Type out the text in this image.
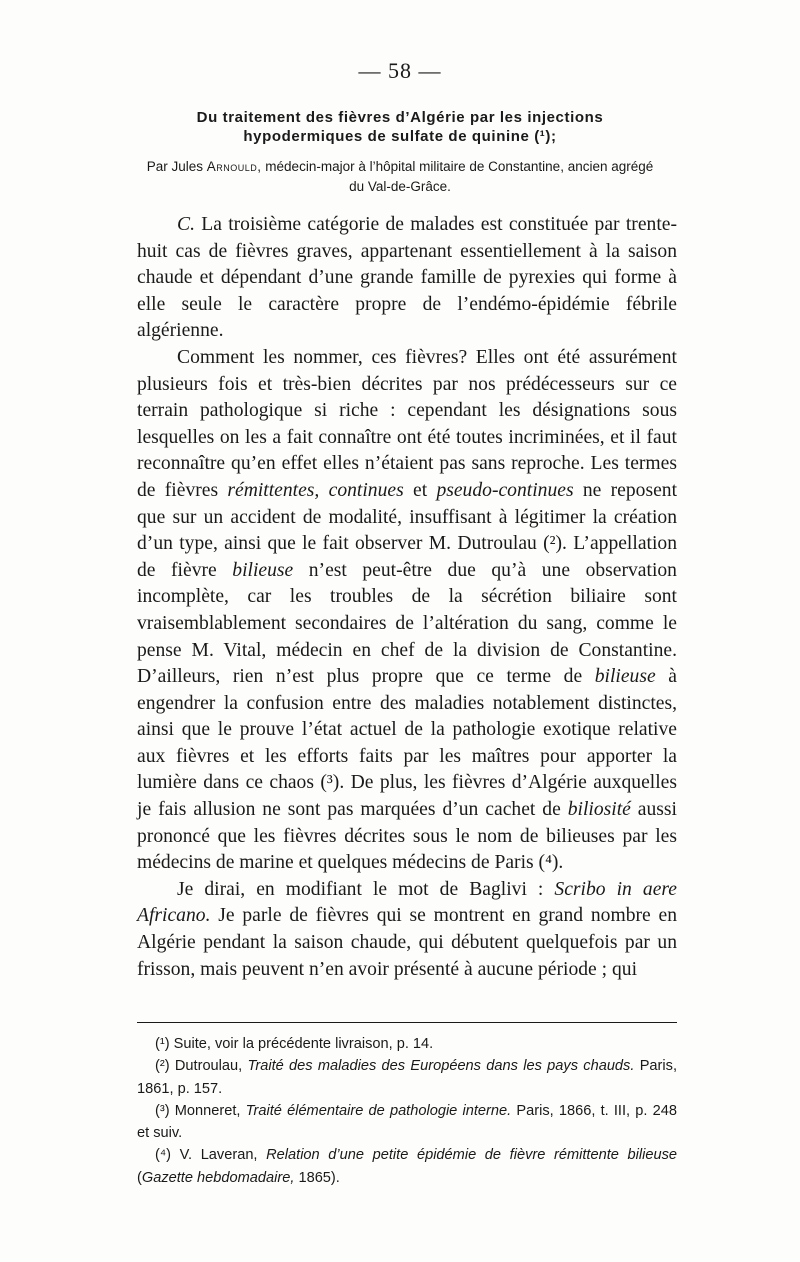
— 58 —
Du traitement des fièvres d’Algérie par les injections
hypodermiques de sulfate de quinine (¹);
Par Jules Arnould, médecin-major à l’hôpital militaire de Constantine, ancien agrégé
du Val-de-Grâce.

C. La troisième catégorie de malades est constituée par trente-huit cas de fièvres graves, appartenant essentiellement à la saison chaude et dépendant d’une grande famille de pyrexies qui forme à elle seule le caractère propre de l’endémo-épidémie fébrile algérienne.

Comment les nommer, ces fièvres? Elles ont été assurément plusieurs fois et très-bien décrites par nos prédécesseurs sur ce terrain pathologique si riche : cependant les désignations sous lesquelles on les a fait connaître ont été toutes incriminées, et il faut reconnaître qu’en effet elles n’étaient pas sans reproche. Les termes de fièvres rémittentes, continues et pseudo-continues ne reposent que sur un accident de modalité, insuffisant à légitimer la création d’un type, ainsi que le fait observer M. Dutroulau (²). L’appellation de fièvre bilieuse n’est peut-être due qu’à une observation incomplète, car les troubles de la sécrétion biliaire sont vraisemblablement secondaires de l’altération du sang, comme le pense M. Vital, médecin en chef de la division de Constantine. D’ailleurs, rien n’est plus propre que ce terme de bilieuse à engendrer la confusion entre des maladies notablement distinctes, ainsi que le prouve l’état actuel de la pathologie exotique relative aux fièvres et les efforts faits par les maîtres pour apporter la lumière dans ce chaos (³). De plus, les fièvres d’Algérie auxquelles je fais allusion ne sont pas marquées d’un cachet de biliosité aussi prononcé que les fièvres décrites sous le nom de bilieuses par les médecins de marine et quelques médecins de Paris (⁴).

Je dirai, en modifiant le mot de Baglivi : Scribo in aere Africano. Je parle de fièvres qui se montrent en grand nombre en Algérie pendant la saison chaude, qui débutent quelquefois par un frisson, mais peuvent n’en avoir présenté à aucune période ; qui

(¹) Suite, voir la précédente livraison, p. 14.

(²) Dutroulau, Traité des maladies des Européens dans les pays chauds. Paris, 1861, p. 157.

(³) Monneret, Traité élémentaire de pathologie interne. Paris, 1866, t. III, p. 248 et suiv.

(⁴) V. Laveran, Relation d’une petite épidémie de fièvre rémittente bilieuse (Gazette hebdomadaire, 1865).
